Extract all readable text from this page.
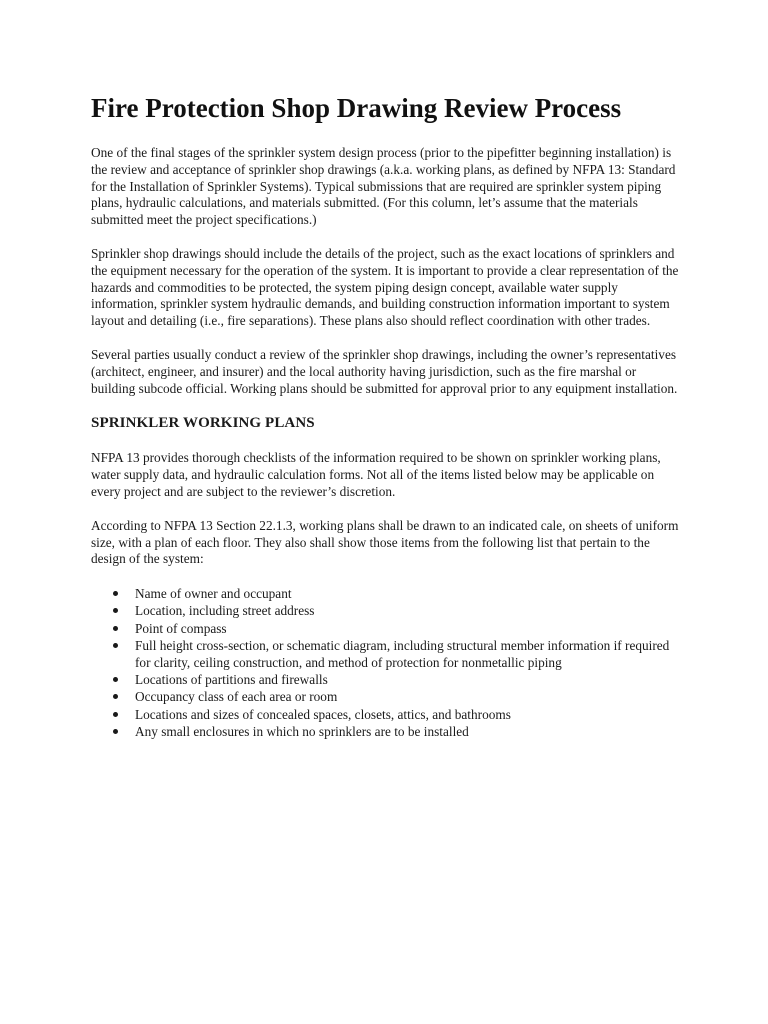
Fire Protection Shop Drawing Review Process

One of the final stages of the sprinkler system design process (prior to the pipefitter beginning installation) is the review and acceptance of sprinkler shop drawings (a.k.a. working plans, as defined by NFPA 13: Standard for the Installation of Sprinkler Systems). Typical submissions that are required are sprinkler system piping plans, hydraulic calculations, and materials submitted. (For this column, let’s assume that the materials submitted meet the project specifications.)

Sprinkler shop drawings should include the details of the project, such as the exact locations of sprinklers and the equipment necessary for the operation of the system. It is important to provide a clear representation of the hazards and commodities to be protected, the system piping design concept, available water supply information, sprinkler system hydraulic demands, and building construction information important to system layout and detailing (i.e., fire separations). These plans also should reflect coordination with other trades.

Several parties usually conduct a review of the sprinkler shop drawings, including the owner’s representatives (architect, engineer, and insurer) and the local authority having jurisdiction, such as the fire marshal or building subcode official. Working plans should be submitted for approval prior to any equipment installation.

SPRINKLER WORKING PLANS

NFPA 13 provides thorough checklists of the information required to be shown on sprinkler working plans, water supply data, and hydraulic calculation forms. Not all of the items listed below may be applicable on every project and are subject to the reviewer’s discretion.

According to NFPA 13 Section 22.1.3, working plans shall be drawn to an indicated cale, on sheets of uniform size, with a plan of each floor. They also shall show those items from the following list that pertain to the design of the system:

Name of owner and occupant
Location, including street address
Point of compass
Full height cross-section, or schematic diagram, including structural member information if required for clarity, ceiling construction, and method of protection for nonmetallic piping
Locations of partitions and firewalls
Occupancy class of each area or room
Locations and sizes of concealed spaces, closets, attics, and bathrooms
Any small enclosures in which no sprinklers are to be installed
